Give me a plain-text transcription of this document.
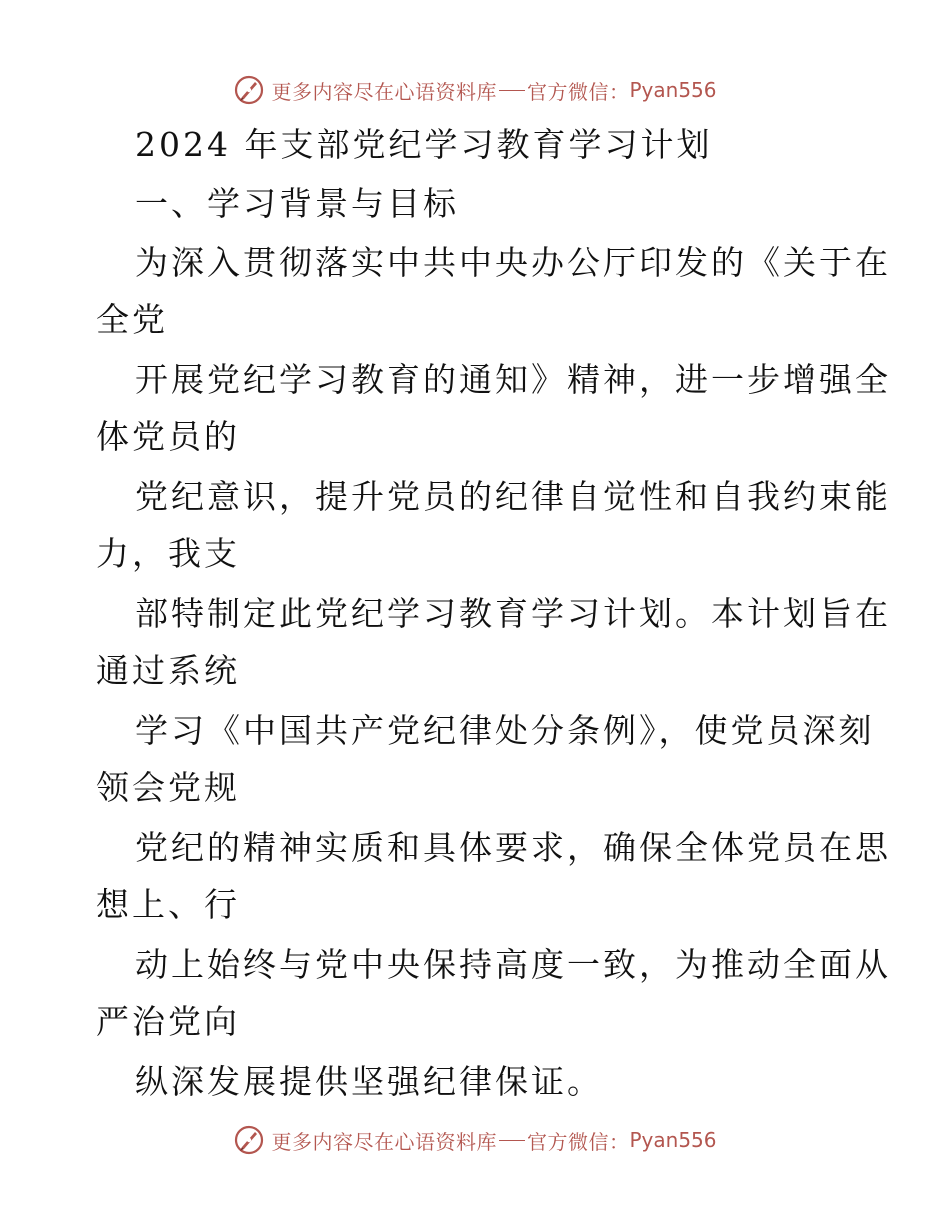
更多内容尽在心语资料库 官方微信： Pyan556
2024 年支部党纪学习教育学习计划
一、学习背景与目标
为深入贯彻落实中共中央办公厅印发的《关于在
全党
开展党纪学习教育的通知》精神，进一步增强全
体党员的
党纪意识，提升党员的纪律自觉性和自我约束能
力，我支
部特制定此党纪学习教育学习计划。本计划旨在
通过系统
学习《中国共产党纪律处分条例》，使党员深刻
领会党规
党纪的精神实质和具体要求，确保全体党员在思
想上、行
动上始终与党中央保持高度一致，为推动全面从
严治党向
纵深发展提供坚强纪律保证。
更多内容尽在心语资料库 官方微信： Pyan556
